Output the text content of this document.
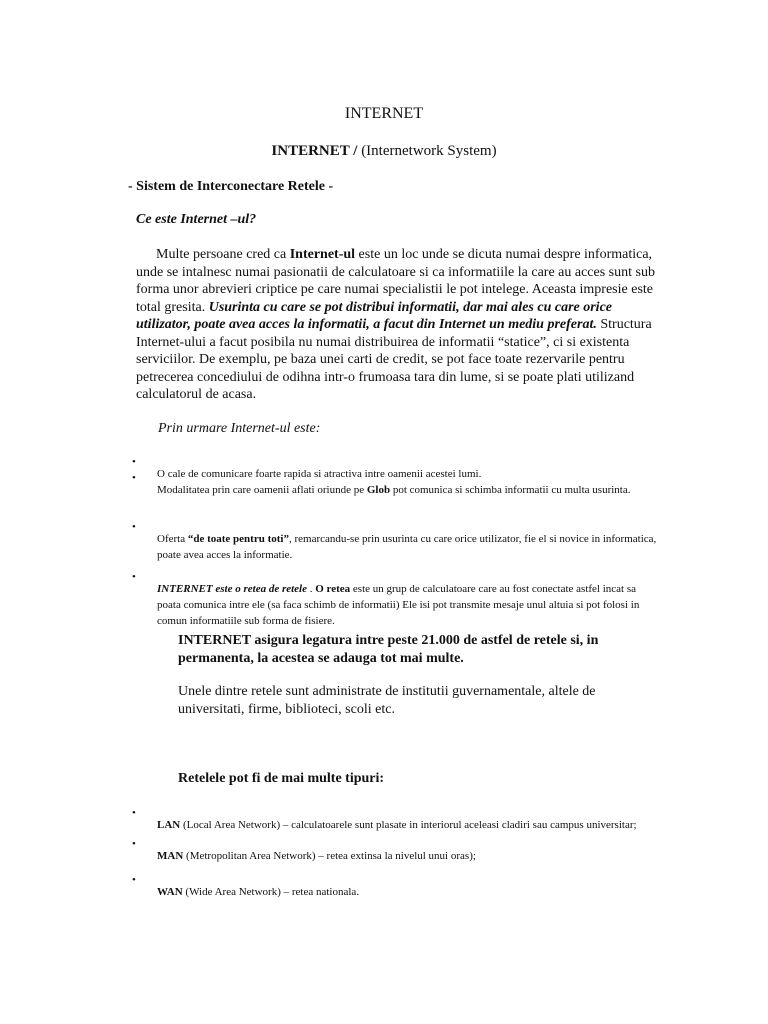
INTERNET

INTERNET / (Internetwork System)

- Sistem de Interconectare Retele -

Ce este Internet –ul?

Multe persoane cred ca Internet-ul este un loc unde se dicuta numai despre informatica, unde se intalnesc numai pasionatii de calculatoare si ca informatiile la care au acces sunt sub forma unor abrevieri criptice pe care numai specialistii le pot intelege. Aceasta impresie este total gresita. Usurinta cu care se pot distribui informatii, dar mai ales cu care orice utilizator, poate avea acces la informatii, a facut din Internet un mediu preferat. Structura Internet-ului a facut posibila nu numai distribuirea de informatii “statice”, ci si existenta serviciilor. De exemplu, pe baza unei carti de credit, se pot face toate rezervarile pentru petrecerea concediului de odihna intr-o frumoasa tara din lume, si se poate plati utilizand calculatorul de acasa.

Prin urmare Internet-ul este:

•

O cale de comunicare foarte rapida si atractiva intre oamenii acestei lumi.

•

Modalitatea prin care oamenii aflati oriunde pe Glob pot comunica si schimba informatii cu multa usurinta.

•

Oferta “de toate pentru toti”, remarcandu-se prin usurinta cu care orice utilizator, fie el si novice in informatica, poate avea acces la informatie.

•

INTERNET este o retea de retele . O retea este un grup de calculatoare care au fost conectate astfel incat sa poata comunica intre ele (sa faca schimb de informatii) Ele isi pot transmite mesaje unul altuia si pot folosi in comun informatiile sub forma de fisiere.

INTERNET asigura legatura intre peste 21.000 de astfel de retele si, in permanenta, la acestea se adauga tot mai multe.

Unele dintre retele sunt administrate de institutii guvernamentale, altele de universitati, firme, biblioteci, scoli etc.

Retelele pot fi de mai multe tipuri:

•

LAN (Local Area Network) – calculatoarele sunt plasate in interiorul aceleasi cladiri sau campus universitar;

•

MAN (Metropolitan Area Network) – retea extinsa la nivelul unui oras);

•

WAN (Wide Area Network) – retea nationala.
